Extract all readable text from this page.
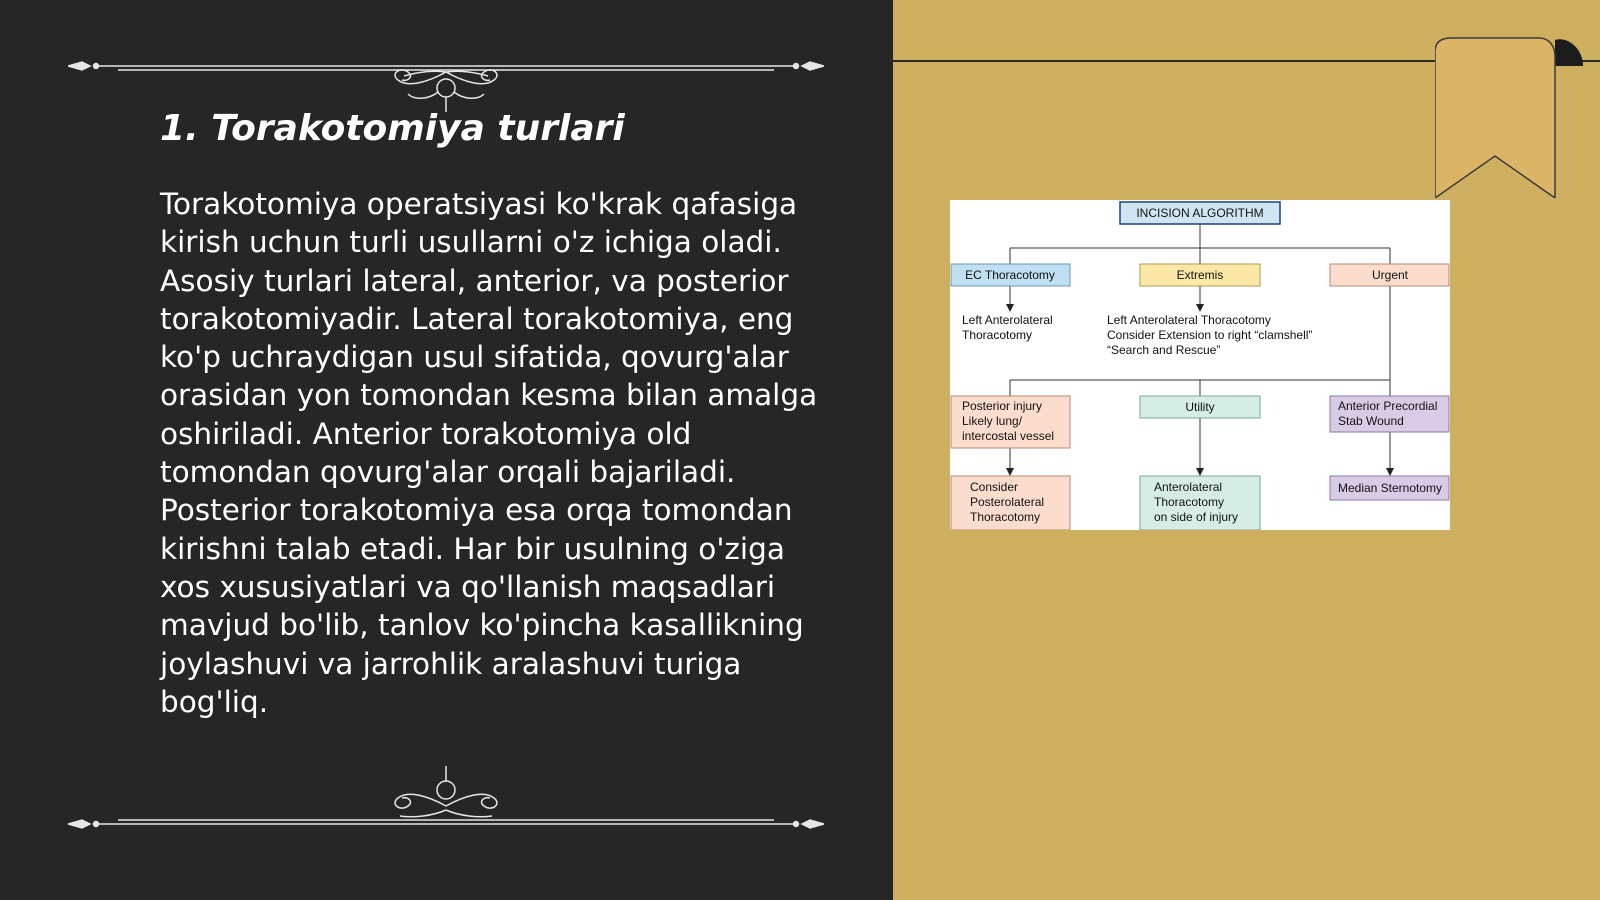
1. Torakotomiya turlari

Torakotomiya operatsiyasi ko'krak qafasiga kirish uchun turli usullarni o'z ichiga oladi. Asosiy turlari lateral, anterior, va posterior torakotomiyadir. Lateral torakotomiya, eng ko'p uchraydigan usul sifatida, qovurg'alar orasidan yon tomondan kesma bilan amalga oshiriladi. Anterior torakotomiya old tomondan qovurg'alar orqali bajariladi. Posterior torakotomiya esa orqa tomondan kirishni talab etadi. Har bir usulning o'ziga xos xususiyatlari va qo'llanish maqsadlari mavjud bo'lib, tanlov ko'pincha kasallikning joylashuvi va jarrohlik aralashuvi turiga bog'liq.

INCISION ALGORITHM
EC Thoracotomy	Extremis	Urgent
Left Anterolateral
Thoracotomy
Left Anterolateral Thoracotomy
Consider Extension to right “clamshell”
“Search and Rescue”
Posterior injury
Likely lung/
intercostal vessel
Utility	Anterior Precordial
Stab Wound
Consider
Posterolateral
Thoracotomy
Anterolateral
Thoracotomy
on side of injury
Median Sternotomy
